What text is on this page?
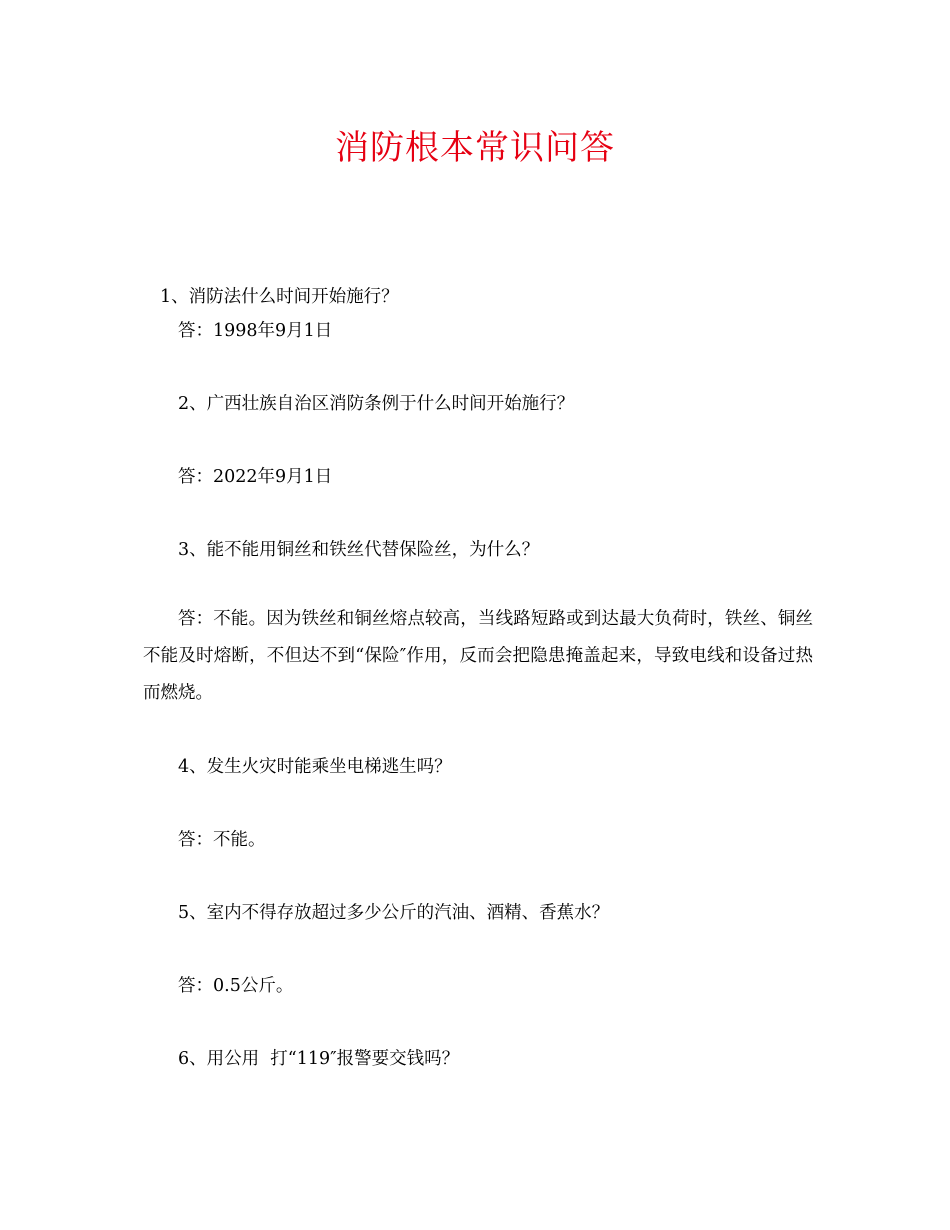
消防根本常识问答
1、消防法什么时间开始施行？
答：1998年9月1日
2、广西壮族自治区消防条例于什么时间开始施行？
答：2022年9月1日
3、能不能用铜丝和铁丝代替保险丝，为什么？
答：不能。因为铁丝和铜丝熔点较高，当线路短路或到达最大负荷时，铁丝、铜丝不能及时熔断，不但达不到“保险″作用，反而会把隐患掩盖起来，导致电线和设备过热而燃烧。
4、发生火灾时能乘坐电梯逃生吗？
答：不能。
5、室内不得存放超过多少公斤的汽油、酒精、香蕉水？
答：0.5公斤。
6、用公用  打“119″报警要交钱吗？
